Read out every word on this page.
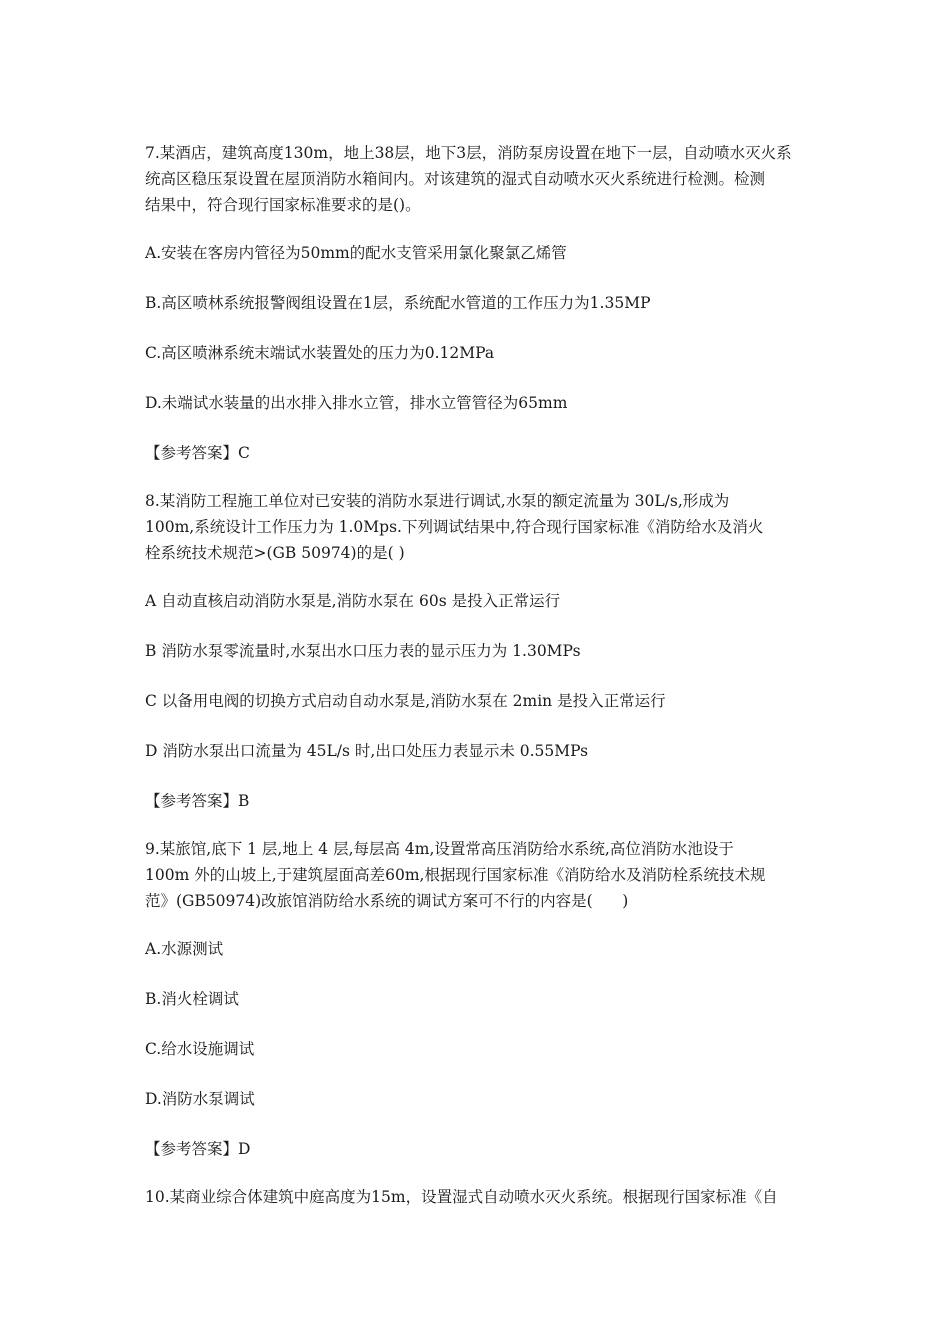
7.某酒店，建筑高度130m，地上38层，地下3层，消防泵房设置在地下一层，自动喷水灭火系
统高区稳压泵设置在屋顶消防水箱间内。对该建筑的湿式自动喷水灭火系统进行检测。检测
结果中，符合现行国家标准要求的是()。

A.安装在客房内管径为50mm的配水支管采用氯化聚氯乙烯管

B.高区喷林系统报警阀组设置在1层，系统配水管道的工作压力为1.35MP

C.高区喷淋系统末端试水装置处的压力为0.12MPa

D.未端试水装量的出水排入排水立管，排水立管管径为65mm

【参考答案】C

8.某消防工程施工单位对已安装的消防水泵进行调试,水泵的额定流量为 30L/s,形成为
100m,系统设计工作压力为 1.0Mps.下列调试结果中,符合现行国家标准《消防给水及消火
栓系统技术规范>(GB 50974)的是( )

A 自动直核启动消防水泵是,消防水泵在 60s 是投入正常运行

B 消防水泵零流量时,水泵出水口压力表的显示压力为 1.30MPs

C 以备用电阀的切换方式启动自动水泵是,消防水泵在 2min 是投入正常运行

D 消防水泵出口流量为 45L/s 时,出口处压力表显示未 0.55MPs

【参考答案】B

9.某旅馆,底下 1 层,地上 4 层,每层高 4m,设置常高压消防给水系统,高位消防水池设于
100m 外的山坡上,于建筑屋面高差60m,根据现行国家标准《消防给水及消防栓系统技术规
范》(GB50974)改旅馆消防给水系统的调试方案可不行的内容是(      )

A.水源测试

B.消火栓调试

C.给水设施调试

D.消防水泵调试

【参考答案】D

10.某商业综合体建筑中庭高度为15m，设置湿式自动喷水灭火系统。根据现行国家标准《自
